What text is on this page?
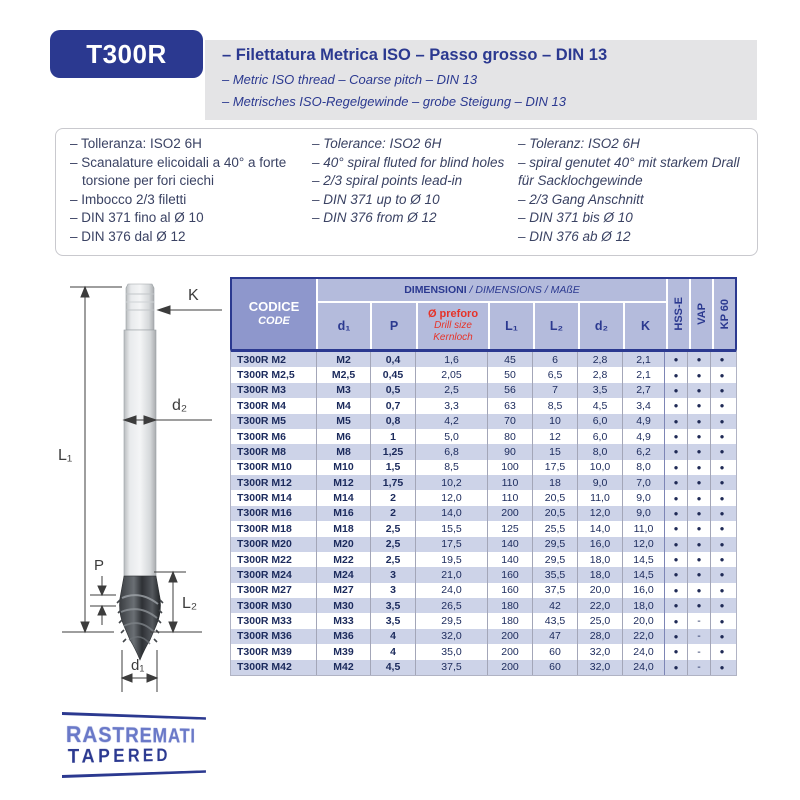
T300R	– Filettatura Metrica ISO – Passo grosso – DIN 13
– Metric ISO thread – Coarse pitch – DIN 13
– Metrisches ISO-Regelgewinde – grobe Steigung – DIN 13
– Tolleranza: ISO2 6H
– Scanalature elicoidali a 40° a forte torsione per fori ciechi
– Imbocco 2/3 filetti
– DIN 371 fino al Ø 10
– DIN 376 dal Ø 12
– Tolerance: ISO2 6H
– 40° spiral fluted for blind holes
– 2/3 spiral points lead-in
– DIN 371 up to Ø 10
– DIN 376 from Ø 12
– Toleranz: ISO2 6H
– spiral genutet 40° mit starkem Drall für Sacklochgewinde
– 2/3 Gang Anschnitt
– DIN 371 bis Ø 10
– DIN 376 ab Ø 12
L₁
K
d₂
P
L₂
d₁
RASTREMATI
TAPERED
CODICE
CODE
DIMENSIONI / DIMENSIONS / MAßE
HSS-E VAP KP 60
d₁	P
Ø preforo
Drill size
Kernloch
L₁	L₂	d₂	K
T300R M2	M2	0,4	1,6	45	6	2,8	2,1	●	●	●
T300R M2,5	M2,5	0,45	2,05	50	6,5	2,8	2,1	●	●	●
T300R M3	M3	0,5	2,5	56	7	3,5	2,7	●	●	●
T300R M4	M4	0,7	3,3	63	8,5	4,5	3,4	●	●	●
T300R M5	M5	0,8	4,2	70	10	6,0	4,9	●	●	●
T300R M6	M6	1	5,0	80	12	6,0	4,9	●	●	●
T300R M8	M8	1,25	6,8	90	15	8,0	6,2	●	●	●
T300R M10	M10	1,5	8,5	100	17,5	10,0	8,0	●	●	●
T300R M12	M12	1,75	10,2	110	18	9,0	7,0	●	●	●
T300R M14	M14	2	12,0	110	20,5	11,0	9,0	●	●	●
T300R M16	M16	2	14,0	200	20,5	12,0	9,0	●	●	●
T300R M18	M18	2,5	15,5	125	25,5	14,0	11,0	●	●	●
T300R M20	M20	2,5	17,5	140	29,5	16,0	12,0	●	●	●
T300R M22	M22	2,5	19,5	140	29,5	18,0	14,5	●	●	●
T300R M24	M24	3	21,0	160	35,5	18,0	14,5	●	●	●
T300R M27	M27	3	24,0	160	37,5	20,0	16,0	●	●	●
T300R M30	M30	3,5	26,5	180	42	22,0	18,0	●	●	●
T300R M33	M33	3,5	29,5	180	43,5	25,0	20,0	●	-	●
T300R M36	M36	4	32,0	200	47	28,0	22,0	●	-	●
T300R M39	M39	4	35,0	200	60	32,0	24,0	●	-	●
T300R M42	M42	4,5	37,5	200	60	32,0	24,0	●	-	●
